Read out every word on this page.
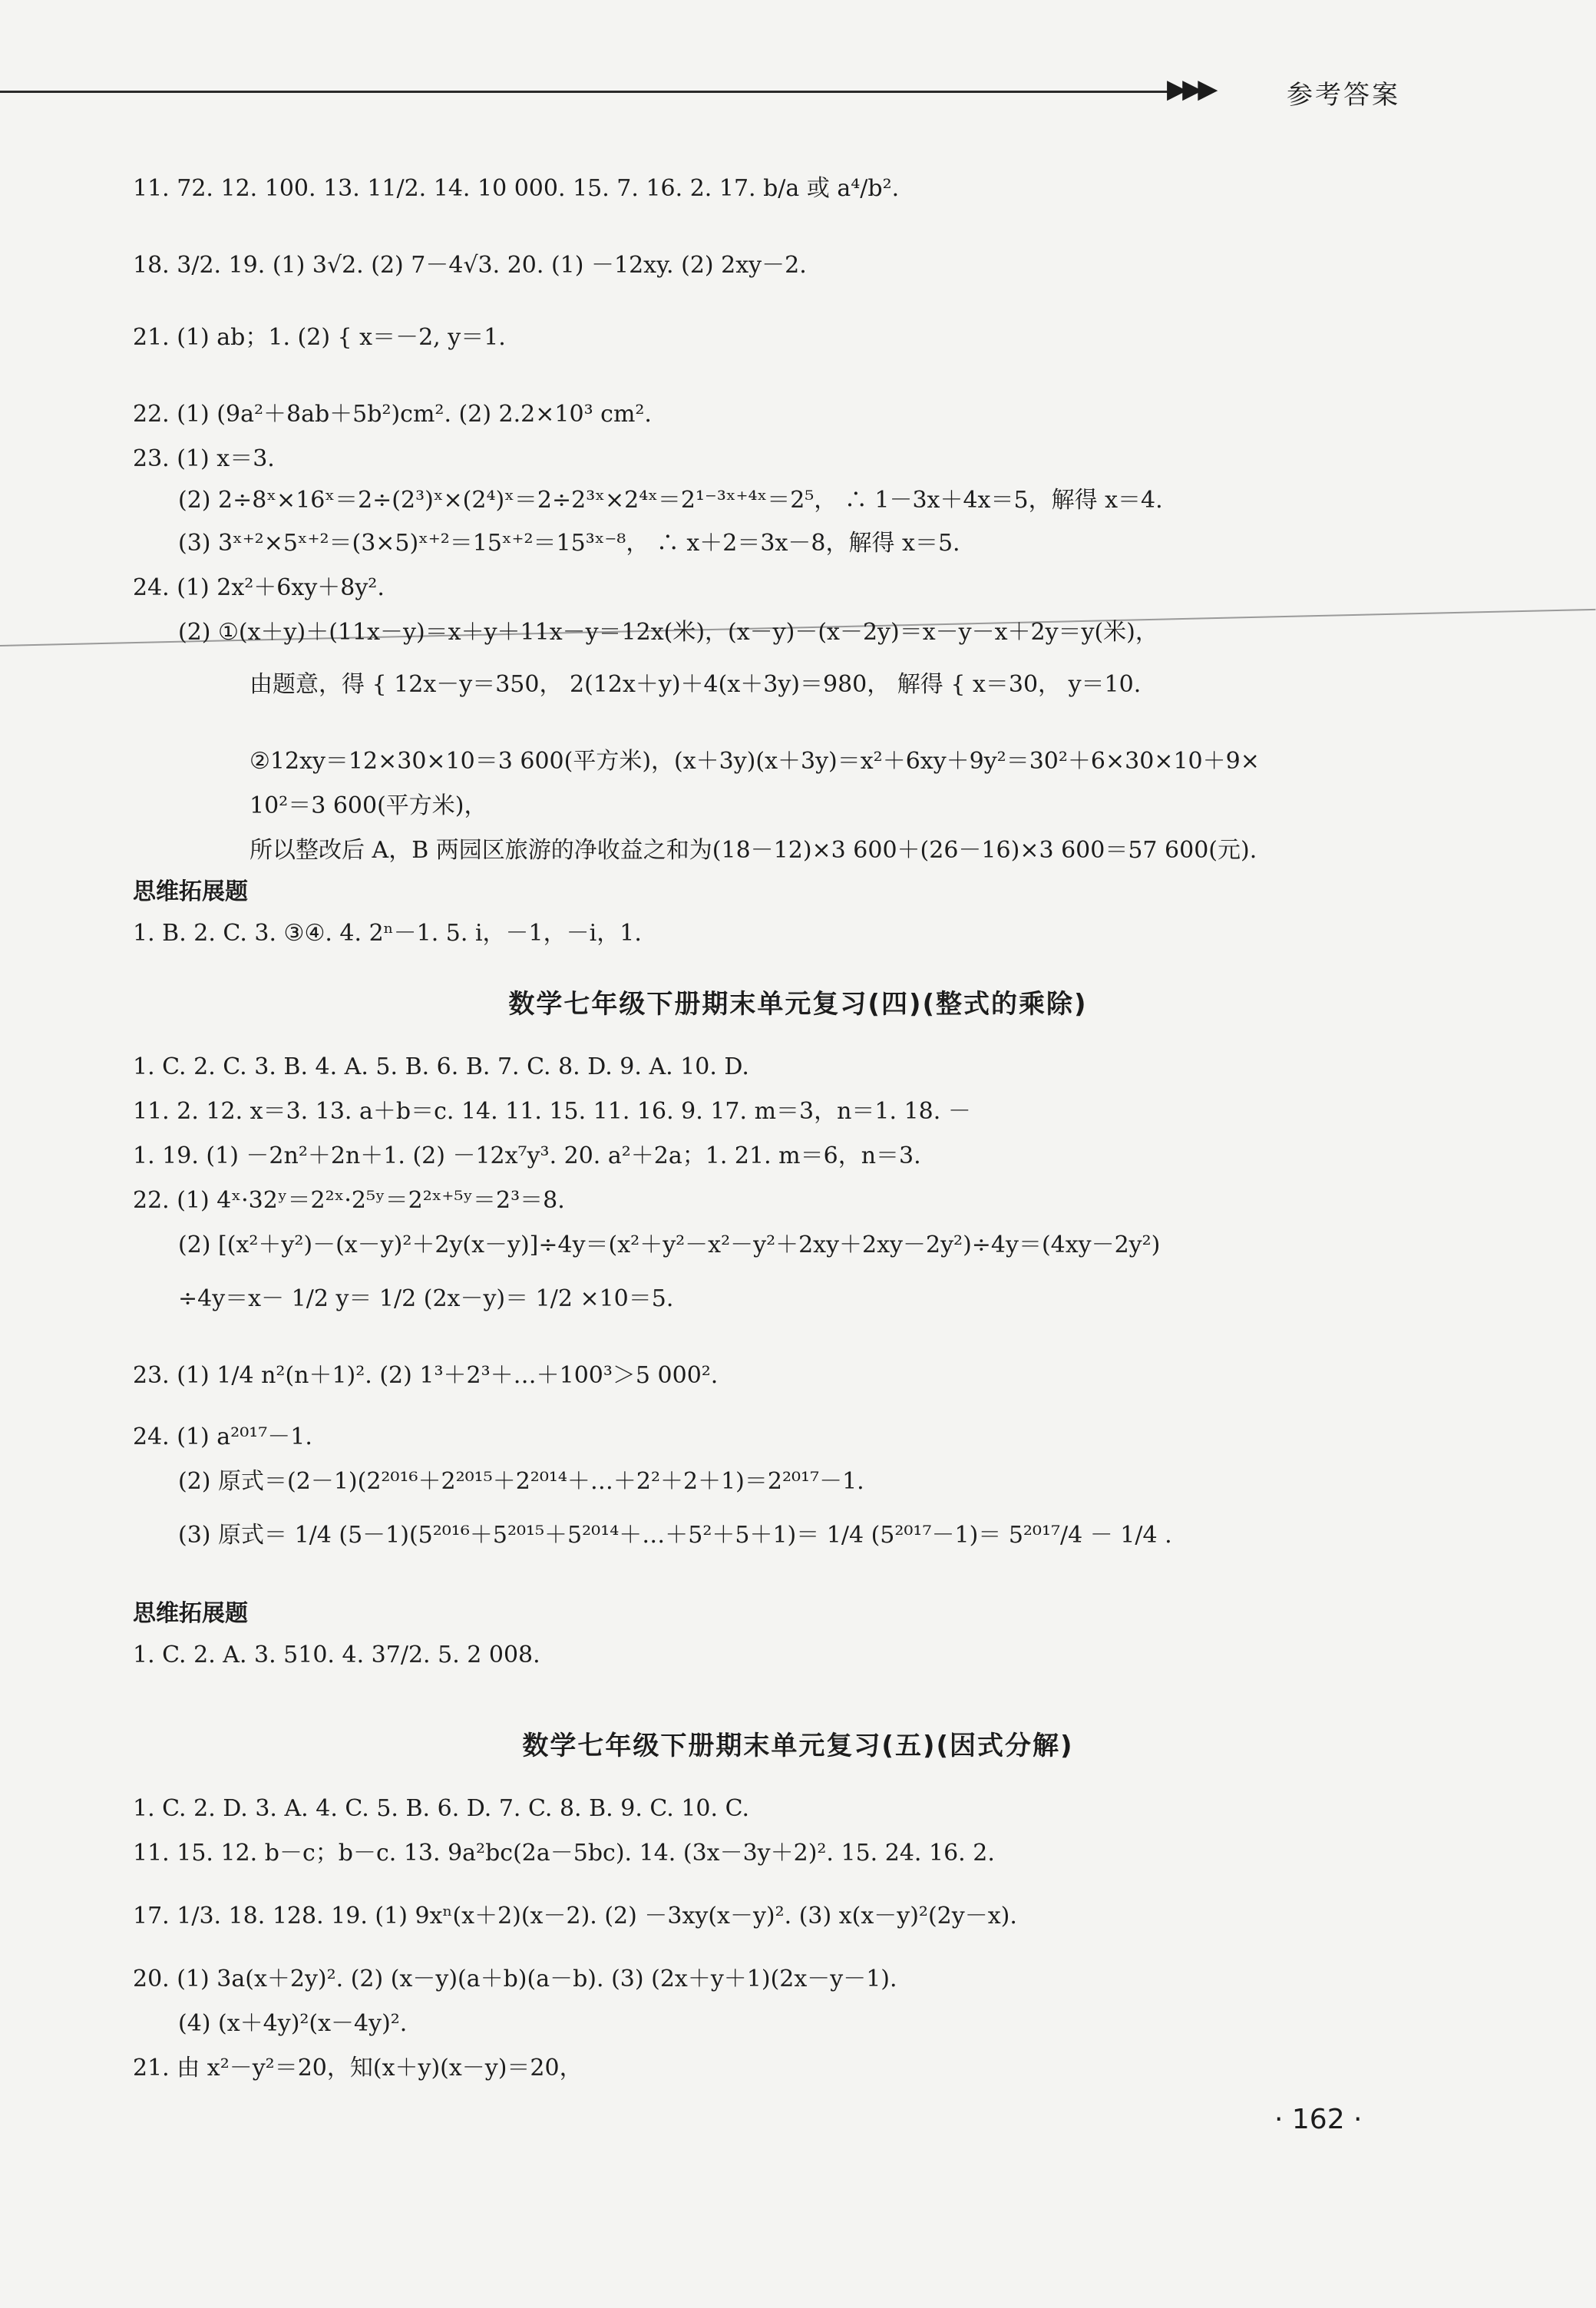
▶▶▶	参考答案
11. 72. 12. 100. 13. 11/2. 14. 10 000. 15. 7. 16. 2. 17. b/a 或 a⁴/b².
18. 3/2. 19. (1) 3√2. (2) 7－4√3. 20. (1) －12xy. (2) 2xy－2.
21. (1) ab；1. (2) { x＝－2, y＝1.
22. (1) (9a²＋8ab＋5b²)cm². (2) 2.2×10³ cm².
23. (1) x＝3.
(2) 2÷8ˣ×16ˣ＝2÷(2³)ˣ×(2⁴)ˣ＝2÷2³ˣ×2⁴ˣ＝2¹⁻³ˣ⁺⁴ˣ＝2⁵， ∴ 1－3x＋4x＝5，解得 x＝4.
(3) 3ˣ⁺²×5ˣ⁺²＝(3×5)ˣ⁺²＝15ˣ⁺²＝15³ˣ⁻⁸， ∴ x＋2＝3x－8，解得 x＝5.
24. (1) 2x²＋6xy＋8y².
(2) ①(x＋y)＋(11x－y)＝x＋y＋11x－y＝12x(米)，(x－y)－(x－2y)＝x－y－x＋2y＝y(米)，
由题意，得 { 12x－y＝350， 2(12x＋y)＋4(x＋3y)＝980， 解得 { x＝30， y＝10.
②12xy＝12×30×10＝3 600(平方米)，(x＋3y)(x＋3y)＝x²＋6xy＋9y²＝30²＋6×30×10＋9×
10²＝3 600(平方米)，
所以整改后 A，B 两园区旅游的净收益之和为(18－12)×3 600＋(26－16)×3 600＝57 600(元).
1. B. 2. C. 3. ③④. 4. 2ⁿ－1. 5. i，－1，－i，1.
1. C. 2. C. 3. B. 4. A. 5. B. 6. B. 7. C. 8. D. 9. A. 10. D.
11. 2. 12. x＝3. 13. a＋b＝c. 14. 11. 15. 11. 16. 9. 17. m＝3，n＝1. 18. －
1. 19. (1) －2n²＋2n＋1. (2) －12x⁷y³. 20. a²＋2a；1. 21. m＝6，n＝3.
22. (1) 4ˣ·32ʸ＝2²ˣ·2⁵ʸ＝2²ˣ⁺⁵ʸ＝2³＝8.
(2) [(x²＋y²)－(x－y)²＋2y(x－y)]÷4y＝(x²＋y²－x²－y²＋2xy＋2xy－2y²)÷4y＝(4xy－2y²)
÷4y＝x－ 1/2 y＝ 1/2 (2x－y)＝ 1/2 ×10＝5.
23. (1) 1/4 n²(n＋1)². (2) 1³＋2³＋…＋100³＞5 000².
24. (1) a²⁰¹⁷－1.
(2) 原式＝(2－1)(2²⁰¹⁶＋2²⁰¹⁵＋2²⁰¹⁴＋…＋2²＋2＋1)＝2²⁰¹⁷－1.
(3) 原式＝ 1/4 (5－1)(5²⁰¹⁶＋5²⁰¹⁵＋5²⁰¹⁴＋…＋5²＋5＋1)＝ 1/4 (5²⁰¹⁷－1)＝ 5²⁰¹⁷/4 － 1/4 .
1. C. 2. A. 3. 510. 4. 37/2. 5. 2 008.
1. C. 2. D. 3. A. 4. C. 5. B. 6. D. 7. C. 8. B. 9. C. 10. C.
11. 15. 12. b－c；b－c. 13. 9a²bc(2a－5bc). 14. (3x－3y＋2)². 15. 24. 16. 2.
17. 1/3. 18. 128. 19. (1) 9xⁿ(x＋2)(x－2). (2) －3xy(x－y)². (3) x(x－y)²(2y－x).
20. (1) 3a(x＋2y)². (2) (x－y)(a＋b)(a－b). (3) (2x＋y＋1)(2x－y－1).
(4) (x＋4y)²(x－4y)².
21. 由 x²－y²＝20，知(x＋y)(x－y)＝20，
思维拓展题
思维拓展题
数学七年级下册期末单元复习(四)(整式的乘除)
数学七年级下册期末单元复习(五)(因式分解)
· 162 ·
